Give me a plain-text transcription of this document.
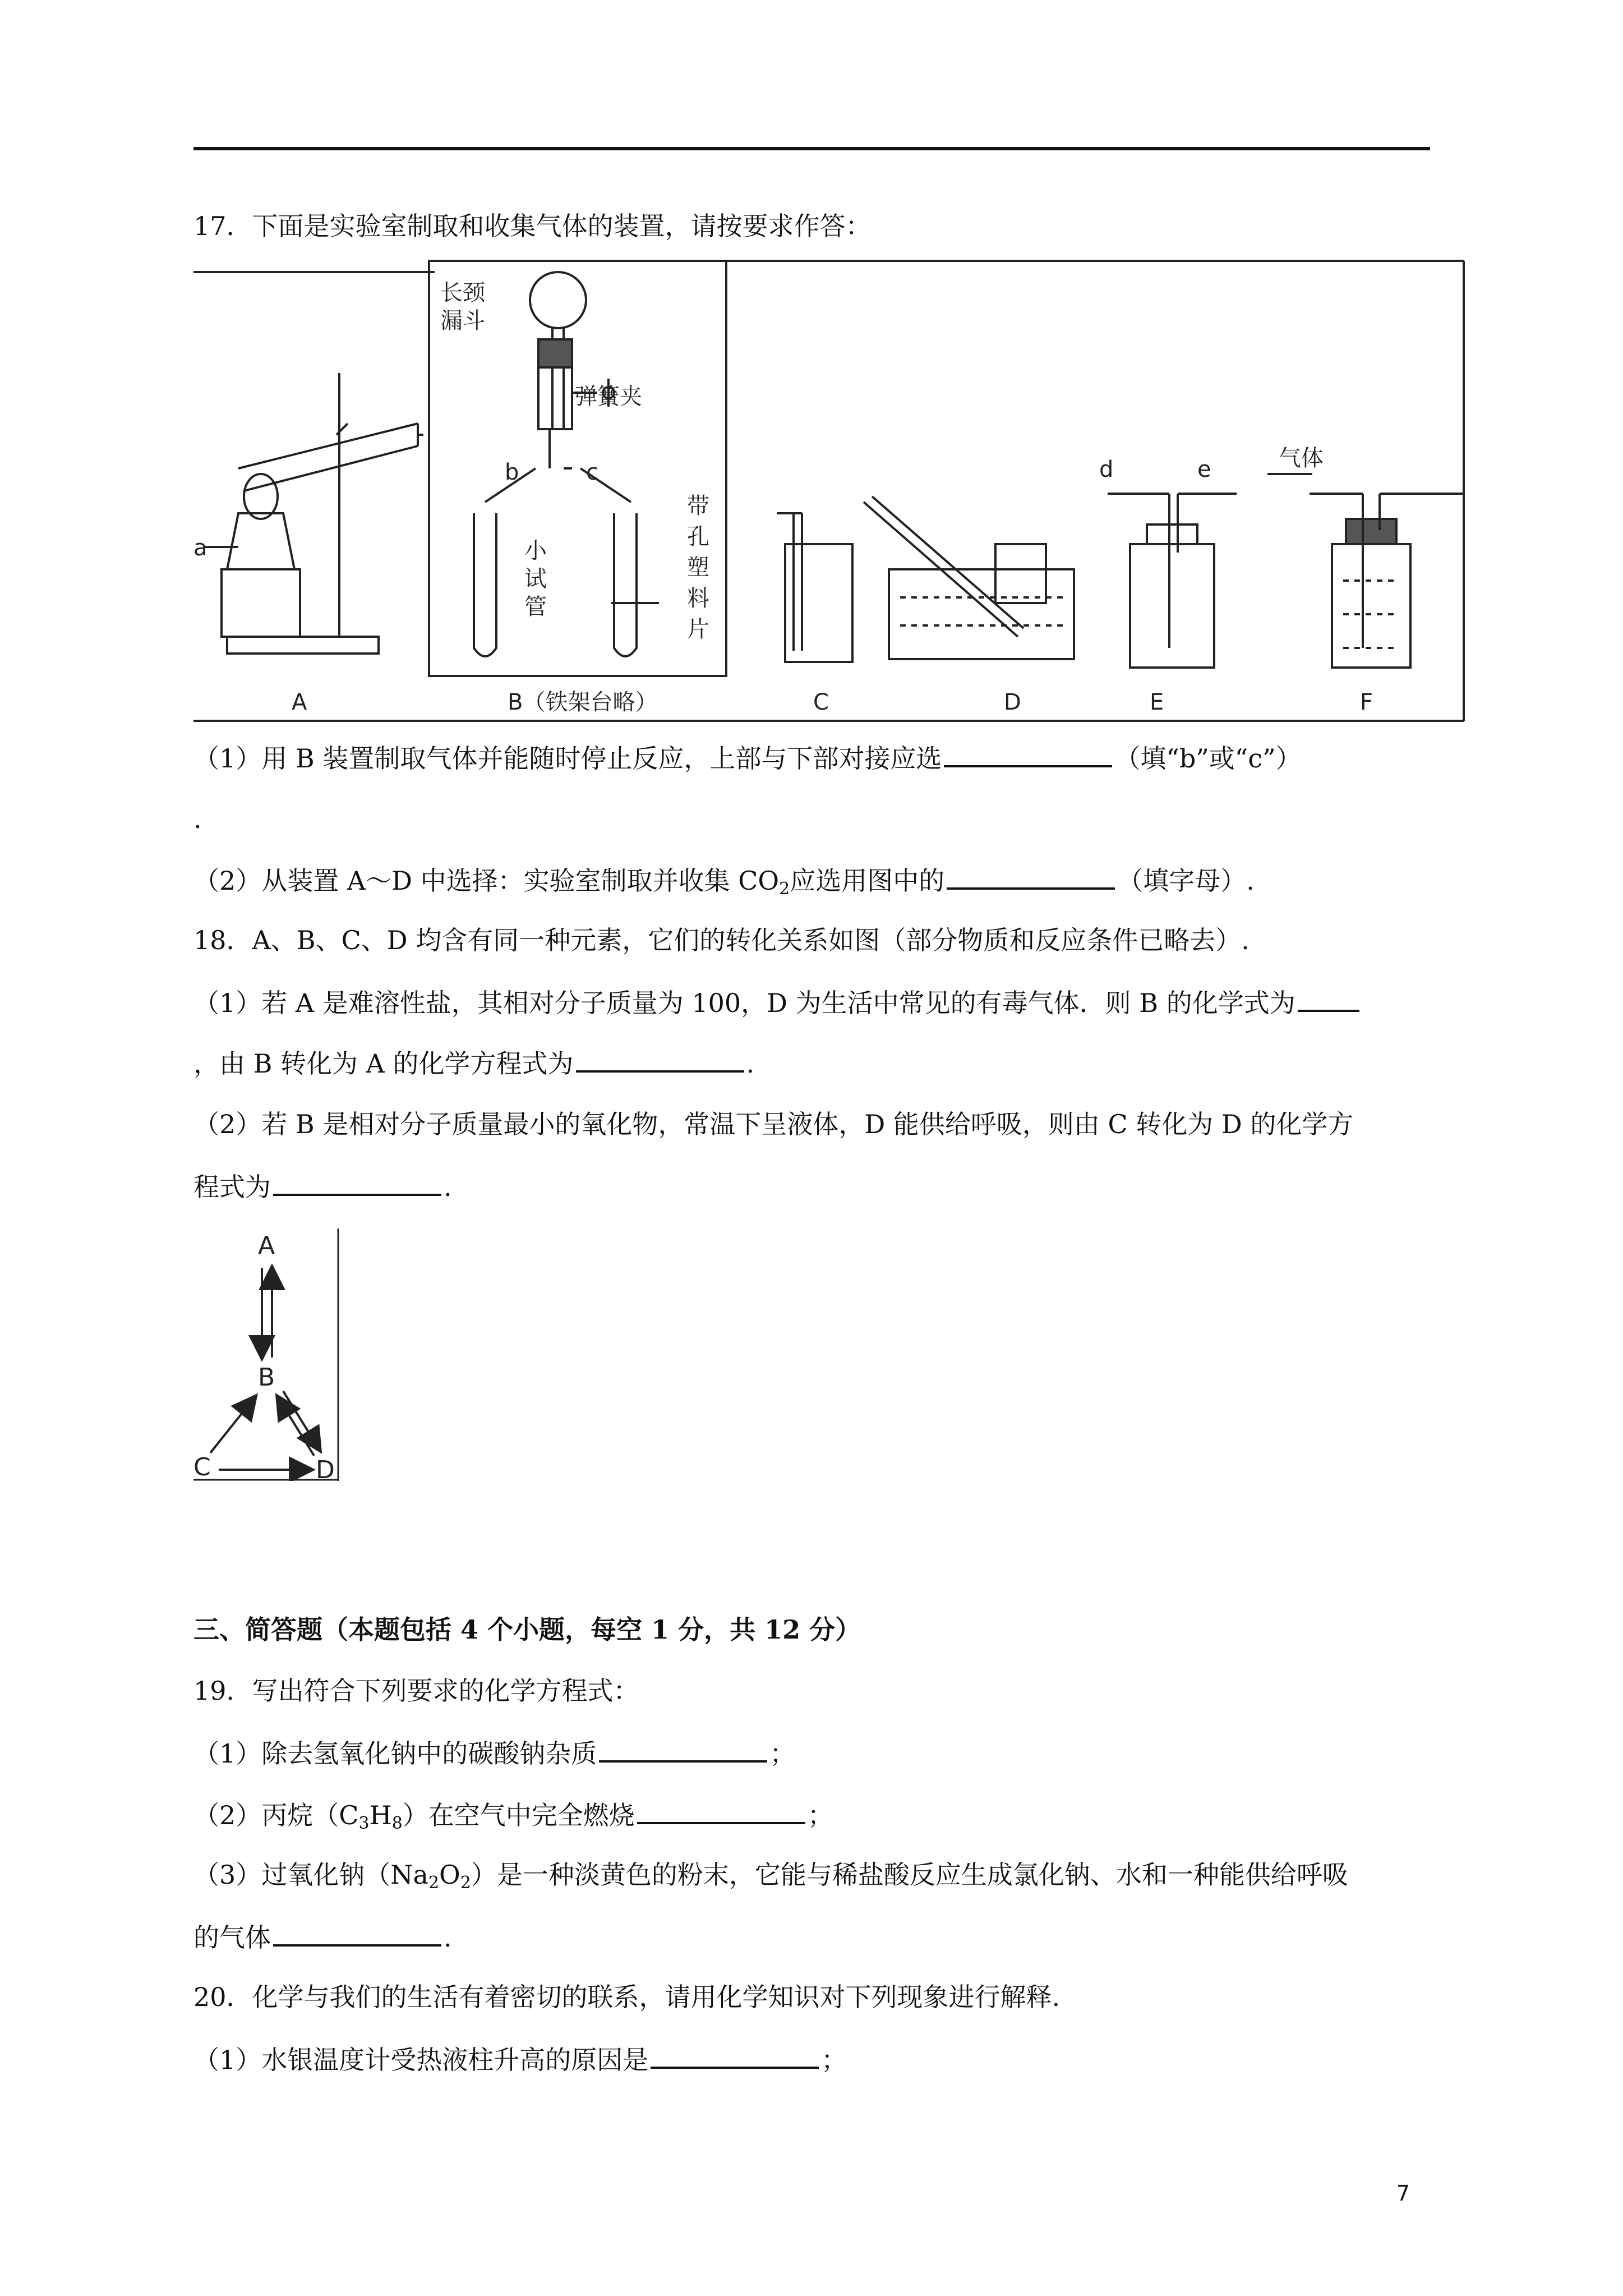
17．下面是实验室制取和收集气体的装置，请按要求作答：
a
b	c	d	e
长颈
漏斗
弹簧夹
小
试
管
带
孔
塑
料
片
气体
A	B（铁架台略）	C	D	E	F
（1）用 B 装置制取气体并能随时停止反应，上部与下部对接应选	（填“b”或“c”）
.
（2）从装置 A～D 中选择：实验室制取并收集 $CO_2$应选用图中的	（填字母）.
18．A、B、C、D 均含有同一种元素，它们的转化关系如图（部分物质和反应条件已略去）.
（1）若 A 是难溶性盐，其相对分子质量为 100，D 为生活中常见的有毒气体．则 B 的化学式为
，由 B 转化为 A 的化学方程式为	.
（2）若 B 是相对分子质量最小的氧化物，常温下呈液体，D 能供给呼吸，则由 C 转化为 D 的化学方
程式为	.
A
B
C	D
三、简答题（本题包括 4 个小题，每空 1 分，共 12 分）
19．写出符合下列要求的化学方程式：
（1）除去氢氧化钠中的碳酸钠杂质	；
（2）丙烷$(C_3H_8)$在空气中完全燃烧	；
（3）过氧化钠$(Na_2O_2)$是一种淡黄色的粉末，它能与稀盐酸反应生成氯化钠、水和一种能供给呼吸
的气体	.
20．化学与我们的生活有着密切的联系，请用化学知识对下列现象进行解释.
（1）水银温度计受热液柱升高的原因是	；
7
